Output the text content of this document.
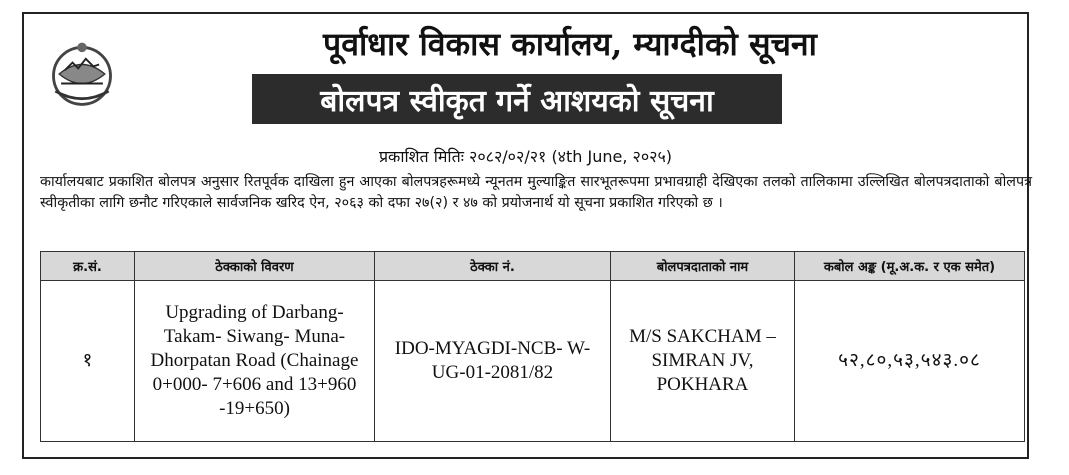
पूर्वाधार विकास कार्यालय, म्याग्दीको सूचना
बोलपत्र स्वीकृत गर्ने आशयको सूचना
प्रकाशित मितिः २०८२/०२/२१ (४th June, २०२५)
कार्यालयबाट प्रकाशित बोलपत्र अनुसार रितपूर्वक दाखिला हुन आएका बोलपत्रहरूमध्ये न्यूनतम मुल्याङ्कित सारभूतरूपमा प्रभावग्राही देखिएका तलको तालिकामा उल्लिखित बोलपत्रदाताको बोलपत्र स्वीकृतीका लागि छनौट गरिएकाले सार्वजनिक खरिद ऐन, २०६३ को दफा २७(२) र ४७ को प्रयोजनार्थ यो सूचना प्रकाशित गरिएको छ ।
क्र.सं.	ठेक्काको विवरण	ठेक्का नं.	बोलपत्रदाताको नाम	कबोल अङ्क (मू.अ.क. र एक समेत)
१	Upgrading of Darbang- Takam- Siwang- Muna- Dhorpatan Road (Chainage 0+000- 7+606 and 13+960 -19+650)	IDO-MYAGDI-NCB- W-UG-01-2081/82	M/S SAKCHAM – SIMRAN JV, POKHARA	५२,८०,५३,५४३.०८
